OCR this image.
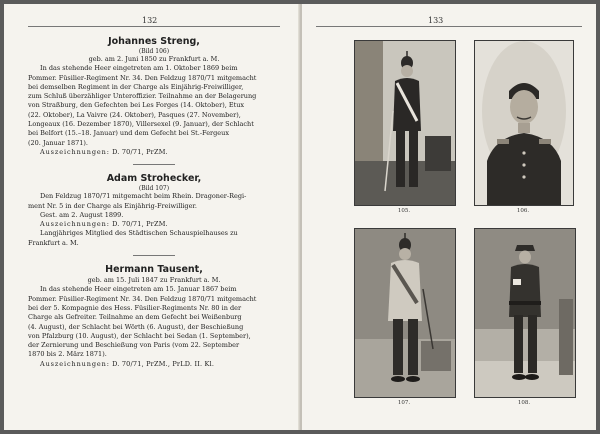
132
Johannes Streng,
(Bild 106)
geb. am 2. Juni 1850 zu Frankfurt a. M.
In das stehende Heer eingetreten am 1. Oktober 1869 beim
Pommer. Füsilier-Regiment Nr. 34. Den Feldzug 1870/71 mitgemacht
bei demselben Regiment in der Charge als Einjährig-Freiwilliger,
zum Schluß überzähliger Unteroffizier. Teilnahme an der Belagerung
von Straßburg, den Gefechten bei Les Forges (14. Oktober), Etux
(22. Oktober), La Vaivre (24. Oktober), Pasques (27. November),
Longeaux (16. Dezember 1870), Villersexel (9. Januar), der Schlacht
bei Belfort (15.–18. Januar) und dem Gefecht bei St.-Fergeux
(20. Januar 1871).
Auszeichnungen: D. 70/71, PrZM.
Adam Strohecker,
(Bild 107)
Den Feldzug 1870/71 mitgemacht beim Rhein. Dragoner-Regi-
ment Nr. 5 in der Charge als Einjährig-Freiwilliger.
Gest. am 2. August 1899.
Auszeichnungen: D. 70/71, PrZM.
Langjähriges Mitglied des Städtischen Schauspielhauses zu
Frankfurt a. M.
Hermann Tausent,
geb. am 15. Juli 1847 zu Frankfurt a. M.
In das stehende Heer eingetreten am 15. Januar 1867 beim
Pommer. Füsilier-Regiment Nr. 34. Den Feldzug 1870/71 mitgemacht
bei der 5. Kompagnie des Hess. Füsilier-Regiments Nr. 80 in der
Charge als Gefreiter. Teilnahme an dem Gefecht bei Weißenburg
(4. August), der Schlacht bei Wörth (6. August), der Beschießung
von Pfalzburg (10. August), der Schlacht bei Sedan (1. September),
der Zernierung und Beschießung von Paris (vom 22. September
1870 bis 2. März 1871).
Auszeichnungen: D. 70/71, PrZM., PrLD. II. Kl.
133
105.	106.
107.	108.
